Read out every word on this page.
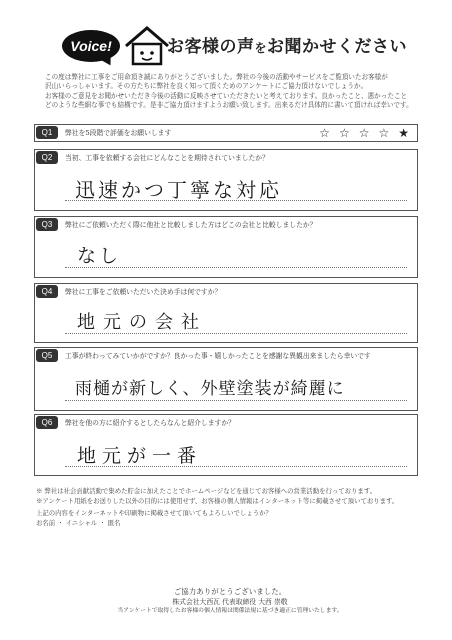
Voice!	お客様の声をお聞かせください

この度は弊社に工事をご用命頂き誠にありがとうございました。弊社の今後の活動やサービスをご覧頂いたお客様が

沢山いらっしゃいます。その方たちに弊社を良く知って頂くためのアンケートにご協力頂けないでしょうか。

お客様のご意見をお聞かせいただき今後の活動に反映させていただきたいと考えております。良かったこと、悪かったこと

どのような些細な事でも結構です。是非ご協力頂けますようお願い致します。出来るだけ具体的に書いて頂ければ幸いです。

Q1	弊社を5段階で評価をお願いします	☆ ☆ ☆ ☆ ★
Q2	当初、工事を依頼する会社にどんなことを期待されていましたか？
迅速かつ丁寧な対応
Q3	弊社にご依頼いただく際に他社と比較しました方はどこの会社と比較しましたか？
なし
Q4	弊社に工事をご依頼いただいた決め手は何ですか？
地元の会社
Q5	工事が終わってみていかがですか？良かった事・嬉しかったことを感謝な異観出来ましたら幸いです
雨樋が新しく、外壁塗装が綺麗に
Q6	弊社を他の方に紹介するとしたらなんと紹介しますか？
地元が一番

※ 弊社は社会貢献活動で集めた貯金に加えたことでホームページなどを通じてお客様への営業活動を行っております。

※アンケート用紙をお送りした以外の目的には使用せず、お客様の個人情報はインターネット等に掲載させて頂いております。

上記の内容をインターネットや印刷物に掲載させて頂いてもよろしいでしょうか？

お名前 ・ イニシャル ・ 匿名

ご協力ありがとうございました。
株式会社大西瓦 代表取締役 大西 崇敬
当アンケートで取得したお客様の個人情報は関係法規に基づき適正に管理いたします。
